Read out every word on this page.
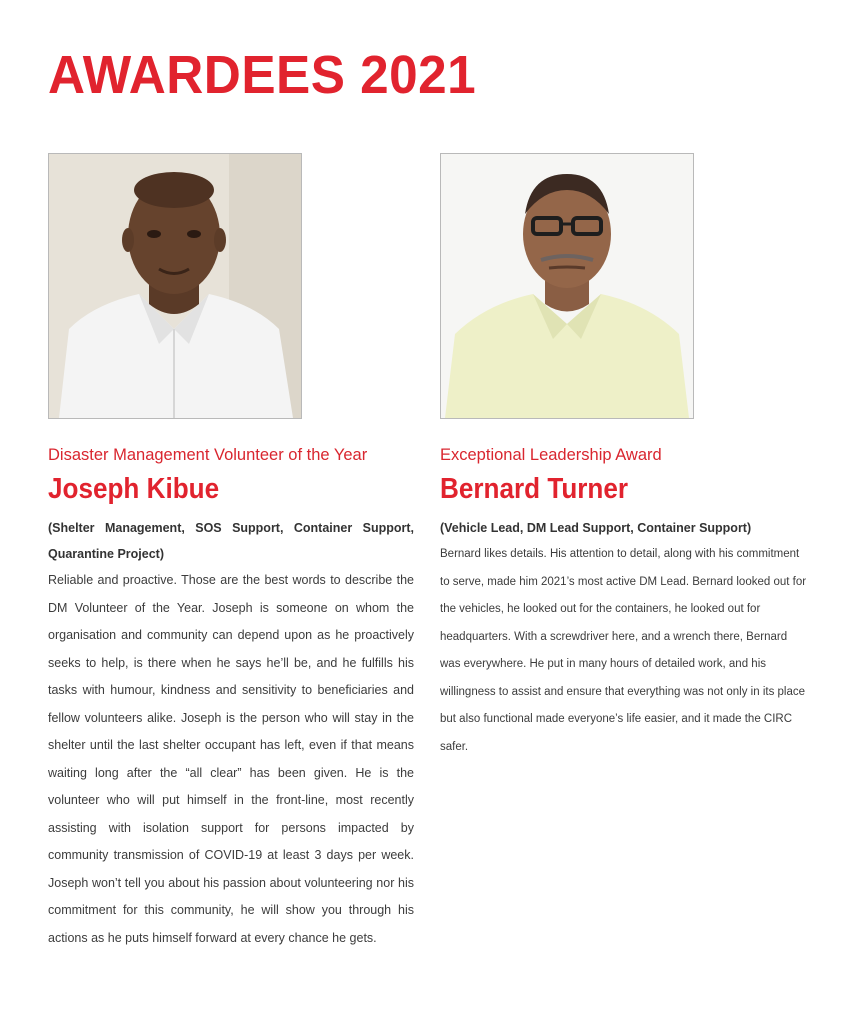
AWARDEES 2021
Disaster Management Volunteer of the Year
Joseph Kibue
(Shelter Management, SOS Support, Container Support, Quarantine Project)
Reliable and proactive. Those are the best words to describe the DM Volunteer of the Year. Joseph is someone on whom the organisation and community can depend upon as he proactively seeks to help, is there when he says he’ll be, and he fulfills his tasks with humour, kindness and sensitivity to beneficiaries and fellow volunteers alike. Joseph is the person who will stay in the shelter until the last shelter occupant has left, even if that means waiting long after the “all clear” has been given. He is the volunteer who will put himself in the front-line, most recently assisting with isolation support for persons impacted by community transmission of COVID-19 at least 3 days per week. Joseph won’t tell you about his passion about volunteering nor his commitment for this community, he will show you through his actions as he puts himself forward at every chance he gets.
Exceptional Leadership Award
Bernard Turner
(Vehicle Lead, DM Lead Support, Container Support)
Bernard likes details. His attention to detail, along with his commitment to serve, made him 2021’s most active DM Lead. Bernard looked out for the vehicles, he looked out for the containers, he looked out for headquarters. With a screwdriver here, and a wrench there, Bernard was everywhere. He put in many hours of detailed work, and his willingness to assist and ensure that everything was not only in its place but also functional made everyone’s life easier, and it made the CIRC safer.
